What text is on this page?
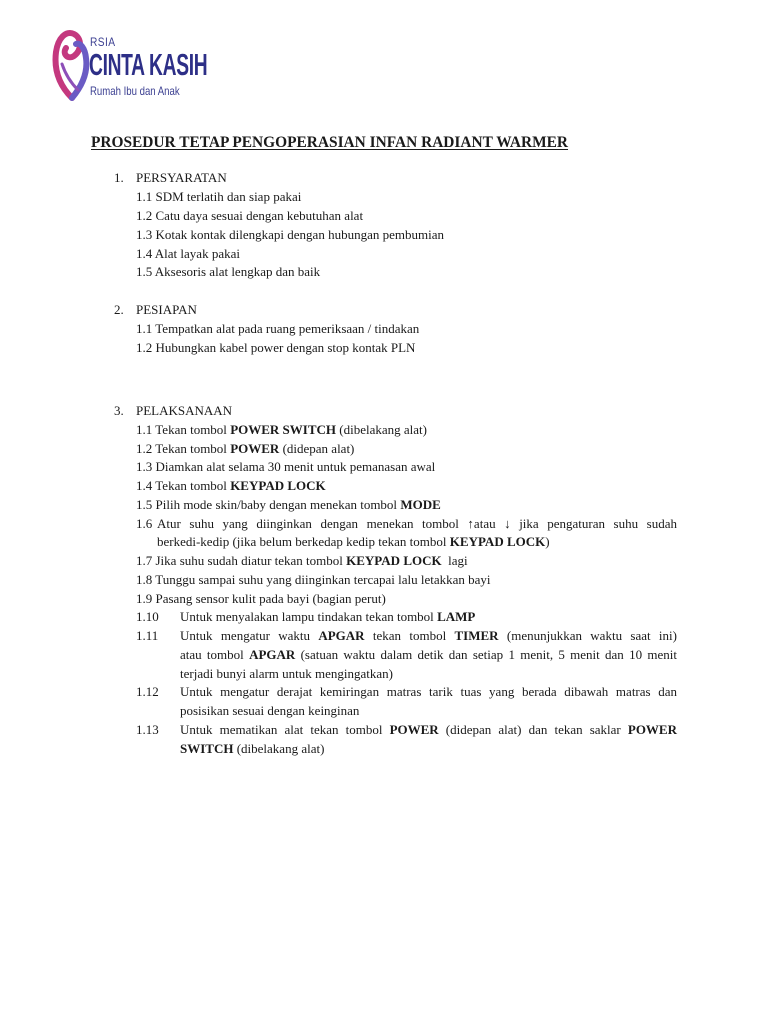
RSIA
CINTA KASIH
Rumah Ibu dan Anak
PROSEDUR TETAP PENGOPERASIAN INFAN RADIANT WARMER
1. PERSYARATAN
1.1 SDM terlatih dan siap pakai
1.2 Catu daya sesuai dengan kebutuhan alat
1.3 Kotak kontak dilengkapi dengan hubungan pembumian
1.4 Alat layak pakai
1.5 Aksesoris alat lengkap dan baik
2. PESIAPAN
1.1 Tempatkan alat pada ruang pemeriksaan / tindakan
1.2 Hubungkan kabel power dengan stop kontak PLN
3. PELAKSANAAN
1.1 Tekan tombol POWER SWITCH (dibelakang alat)
1.2 Tekan tombol POWER (didepan alat)
1.3 Diamkan alat selama 30 menit untuk pemanasan awal
1.4 Tekan tombol KEYPAD LOCK
1.5 Pilih mode skin/baby dengan menekan tombol MODE
1.6 Atur suhu yang diinginkan dengan menekan tombol ↑atau ↓ jika pengaturan suhu sudah
berkedi-kedip (jika belum berkedap kedip tekan tombol KEYPAD LOCK)
1.7 Jika suhu sudah diatur tekan tombol KEYPAD LOCK  lagi
1.8 Tunggu sampai suhu yang diinginkan tercapai lalu letakkan bayi
1.9 Pasang sensor kulit pada bayi (bagian perut)
1.10 Untuk menyalakan lampu tindakan tekan tombol LAMP
1.11 Untuk mengatur waktu APGAR tekan tombol TIMER (menunjukkan waktu saat ini)
atau tombol APGAR (satuan waktu dalam detik dan setiap 1 menit, 5 menit dan 10 menit
terjadi bunyi alarm untuk mengingatkan)
1.12 Untuk mengatur derajat kemiringan matras tarik tuas yang berada dibawah matras dan
posisikan sesuai dengan keinginan
1.13 Untuk mematikan alat tekan tombol POWER (didepan alat) dan tekan saklar POWER
SWITCH (dibelakang alat)
